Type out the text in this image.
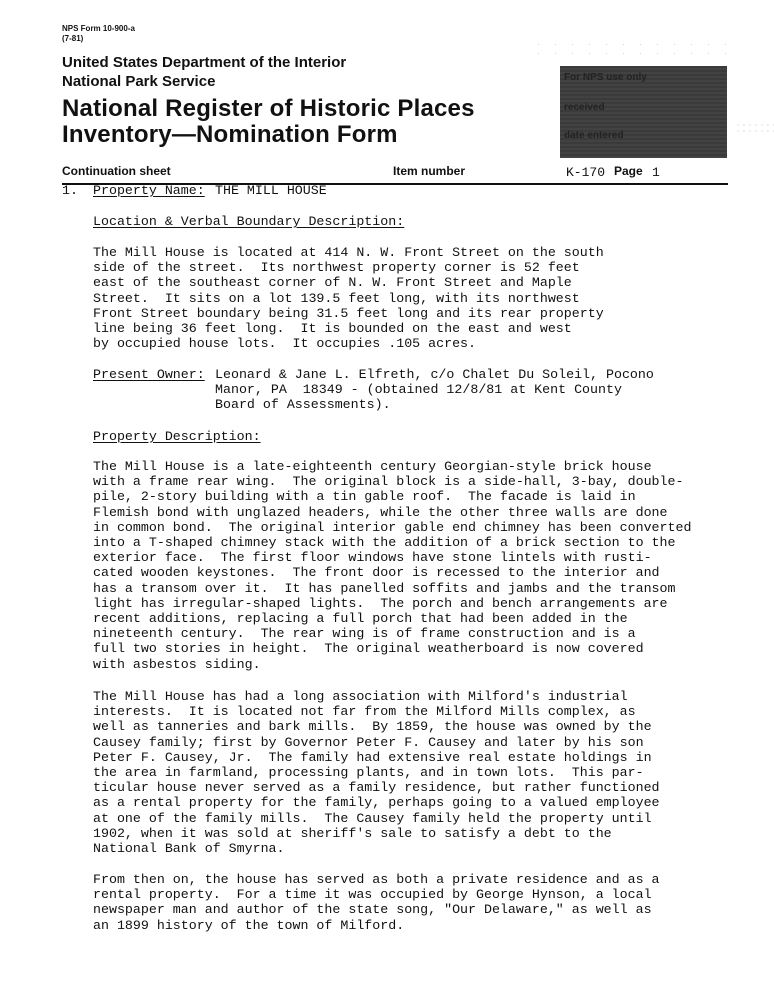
NPS Form 10-900-a
(7-81)
United States Department of the Interior
National Park Service
National Register of Historic Places
Inventory—Nomination Form
For NPS use only
received
date entered
Continuation sheet	Item number	K-170 Page 1
1. Property Name: THE MILL HOUSE
Location & Verbal Boundary Description:
The Mill House is located at 414 N. W. Front Street on the south
side of the street.  Its northwest property corner is 52 feet
east of the southeast corner of N. W. Front Street and Maple
Street.  It sits on a lot 139.5 feet long, with its northwest
Front Street boundary being 31.5 feet long and its rear property
line being 36 feet long.  It is bounded on the east and west
by occupied house lots.  It occupies .105 acres.
Present Owner: Leonard & Jane L. Elfreth, c/o Chalet Du Soleil, Pocono
Manor, PA  18349 - (obtained 12/8/81 at Kent County
Board of Assessments).
Property Description:
The Mill House is a late-eighteenth century Georgian-style brick house
with a frame rear wing.  The original block is a side-hall, 3-bay, double-
pile, 2-story building with a tin gable roof.  The facade is laid in
Flemish bond with unglazed headers, while the other three walls are done
in common bond.  The original interior gable end chimney has been converted
into a T-shaped chimney stack with the addition of a brick section to the
exterior face.  The first floor windows have stone lintels with rusti-
cated wooden keystones.  The front door is recessed to the interior and
has a transom over it.  It has panelled soffits and jambs and the transom
light has irregular-shaped lights.  The porch and bench arrangements are
recent additions, replacing a full porch that had been added in the
nineteenth century.  The rear wing is of frame construction and is a
full two stories in height.  The original weatherboard is now covered
with asbestos siding.
The Mill House has had a long association with Milford's industrial
interests.  It is located not far from the Milford Mills complex, as
well as tanneries and bark mills.  By 1859, the house was owned by the
Causey family; first by Governor Peter F. Causey and later by his son
Peter F. Causey, Jr.  The family had extensive real estate holdings in
the area in farmland, processing plants, and in town lots.  This par-
ticular house never served as a family residence, but rather functioned
as a rental property for the family, perhaps going to a valued employee
at one of the family mills.  The Causey family held the property until
1902, when it was sold at sheriff's sale to satisfy a debt to the
National Bank of Smyrna.
From then on, the house has served as both a private residence and as a
rental property.  For a time it was occupied by George Hynson, a local
newspaper man and author of the state song, "Our Delaware," as well as
an 1899 history of the town of Milford.
